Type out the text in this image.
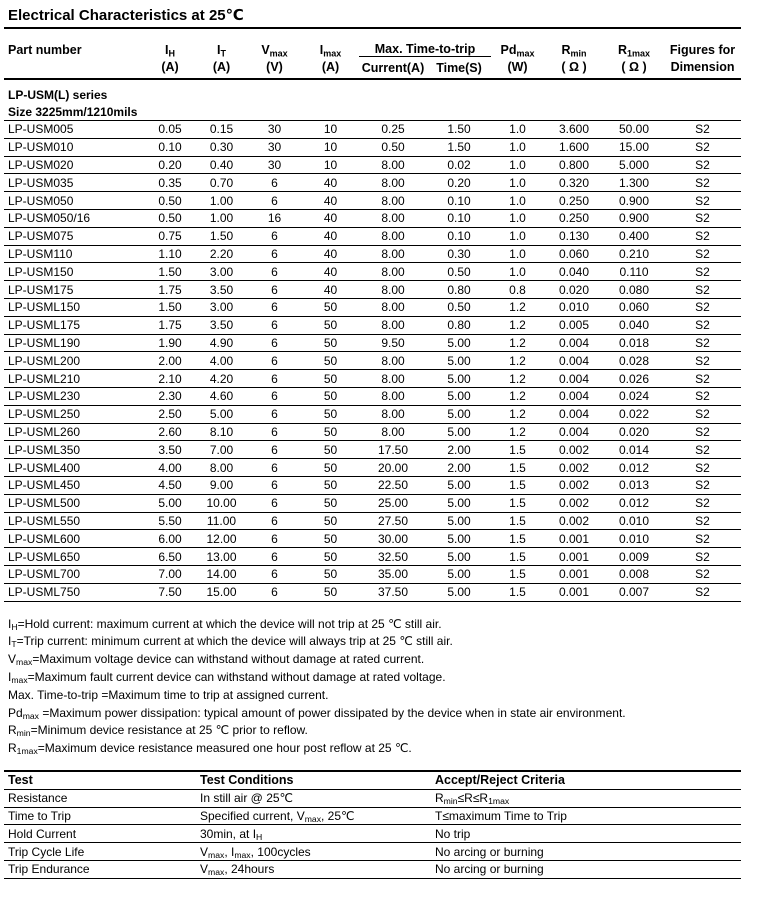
Electrical Characteristics at 25℃
Part number	$I_H$	$I_T$	$V_{max}$	$I_{max}$	Max. Time-to-trip		$Pd_{max}$	$R_{min}$	$R_{1max}$	Figures for
	(A)	(A)	(V)	(A)	Current(A)	Time(S)	(W)	( Ω )	( Ω )	Dimension
LP-USM(L) series										
Size 3225mm/1210mils										
LP-USM005	0.05	0.15	30	10	0.25	1.50	1.0	3.600	50.00	S2
LP-USM010	0.10	0.30	30	10	0.50	1.50	1.0	1.600	15.00	S2
LP-USM020	0.20	0.40	30	10	8.00	0.02	1.0	0.800	5.000	S2
LP-USM035	0.35	0.70	6	40	8.00	0.20	1.0	0.320	1.300	S2
LP-USM050	0.50	1.00	6	40	8.00	0.10	1.0	0.250	0.900	S2
LP-USM050/16	0.50	1.00	16	40	8.00	0.10	1.0	0.250	0.900	S2
LP-USM075	0.75	1.50	6	40	8.00	0.10	1.0	0.130	0.400	S2
LP-USM110	1.10	2.20	6	40	8.00	0.30	1.0	0.060	0.210	S2
LP-USM150	1.50	3.00	6	40	8.00	0.50	1.0	0.040	0.110	S2
LP-USM175	1.75	3.50	6	40	8.00	0.80	0.8	0.020	0.080	S2
LP-USML150	1.50	3.00	6	50	8.00	0.50	1.2	0.010	0.060	S2
LP-USML175	1.75	3.50	6	50	8.00	0.80	1.2	0.005	0.040	S2
LP-USML190	1.90	4.90	6	50	9.50	5.00	1.2	0.004	0.018	S2
LP-USML200	2.00	4.00	6	50	8.00	5.00	1.2	0.004	0.028	S2
LP-USML210	2.10	4.20	6	50	8.00	5.00	1.2	0.004	0.026	S2
LP-USML230	2.30	4.60	6	50	8.00	5.00	1.2	0.004	0.024	S2
LP-USML250	2.50	5.00	6	50	8.00	5.00	1.2	0.004	0.022	S2
LP-USML260	2.60	8.10	6	50	8.00	5.00	1.2	0.004	0.020	S2
LP-USML350	3.50	7.00	6	50	17.50	2.00	1.5	0.002	0.014	S2
LP-USML400	4.00	8.00	6	50	20.00	2.00	1.5	0.002	0.012	S2
LP-USML450	4.50	9.00	6	50	22.50	5.00	1.5	0.002	0.013	S2
LP-USML500	5.00	10.00	6	50	25.00	5.00	1.5	0.002	0.012	S2
LP-USML550	5.50	11.00	6	50	27.50	5.00	1.5	0.002	0.010	S2
LP-USML600	6.00	12.00	6	50	30.00	5.00	1.5	0.001	0.010	S2
LP-USML650	6.50	13.00	6	50	32.50	5.00	1.5	0.001	0.009	S2
LP-USML700	7.00	14.00	6	50	35.00	5.00	1.5	0.001	0.008	S2
LP-USML750	7.50	15.00	6	50	37.50	5.00	1.5	0.001	0.007	S2
$I_H=Hold$ current: maximum current at which the device will not trip at 25 ℃ still air.
$I_T=Trip$ current: minimum current at which the device will always trip at 25 ℃ still air.
$V_{max}=Maximum$ voltage device can withstand without damage at rated current.
$I_{max}=Maximum$ fault current device can withstand without damage at rated voltage.
Max. Time-to-trip =Maximum time to trip at assigned current.
$Pd_{max}$ =Maximum power dissipation: typical amount of power dissipated by the device when in state air environment.
$R_{min}=Minimum$ device resistance at 25 ℃ prior to reflow.
$R_{1max}=Maximum$ device resistance measured one hour post reflow at 25 ℃.
Test	Test Conditions	Accept/Reject Criteria
Resistance	In still air @ 25℃	$R_{min}\le R\le R_{1max}$
Time to Trip	Specified current, $V_{max}$, 25℃	T≤maximum Time to Trip
Hold Current	30min, at $I_H$	No trip
Trip Cycle Life	$V_{max}$, $I_{max}$, 100cycles	No arcing or burning
Trip Endurance	$V_{max}$, 24hours	No arcing or burning
